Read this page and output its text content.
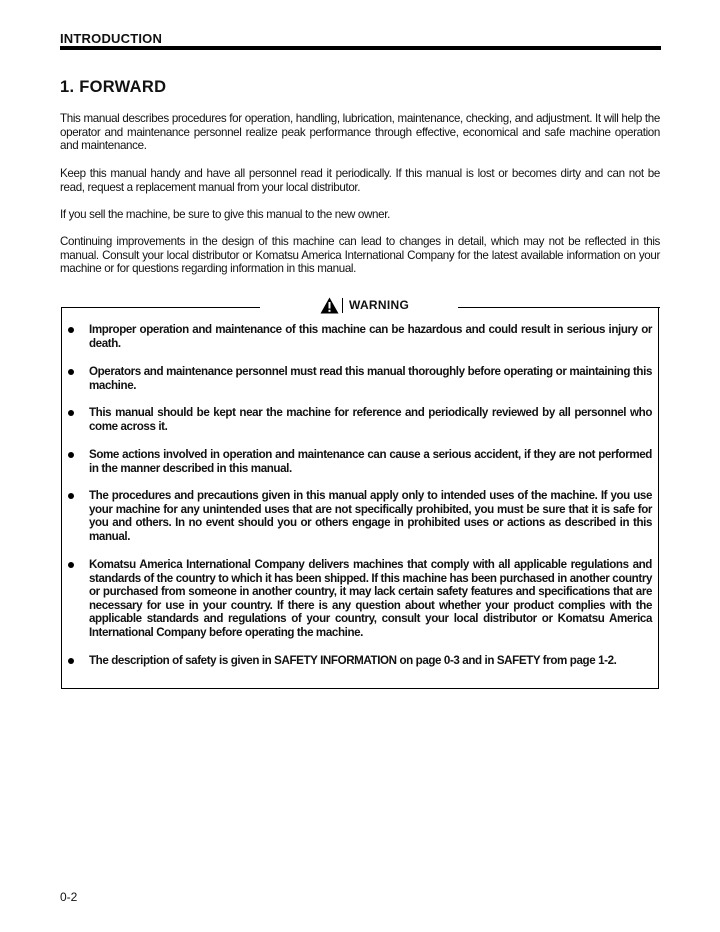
INTRODUCTION
1. FORWARD

This manual describes procedures for operation, handling, lubrication, maintenance, checking, and adjustment. It will help the operator and maintenance personnel realize peak performance through effective, economical and safe machine operation and maintenance.

Keep this manual handy and have all personnel read it periodically. If this manual is lost or becomes dirty and can not be read, request a replacement manual from your local distributor.

If you sell the machine, be sure to give this manual to the new owner.

Continuing improvements in the design of this machine can lead to changes in detail, which may not be reflected in this manual. Consult your local distributor or Komatsu America International Company for the latest available information on your machine or for questions regarding information in this manual.

WARNING
Improper operation and maintenance of this machine can be hazardous and could result in serious injury or death.
Operators and maintenance personnel must read this manual thoroughly before operating or maintaining this machine.
This manual should be kept near the machine for reference and periodically reviewed by all personnel who come across it.
Some actions involved in operation and maintenance can cause a serious accident, if they are not performed in the manner described in this manual.
The procedures and precautions given in this manual apply only to intended uses of the machine. If you use your machine for any unintended uses that are not specifically prohibited, you must be sure that it is safe for you and others. In no event should you or others engage in prohibited uses or actions as described in this manual.
Komatsu America International Company delivers machines that comply with all applicable regulations and standards of the country to which it has been shipped. If this machine has been purchased in another country or purchased from someone in another country, it may lack certain safety features and specifications that are necessary for use in your country. If there is any question about whether your product complies with the applicable standards and regulations of your country, consult your local distributor or Komatsu America International Company before operating the machine.
The description of safety is given in SAFETY INFORMATION on page 0-3 and in SAFETY from page 1-2.
0-2
